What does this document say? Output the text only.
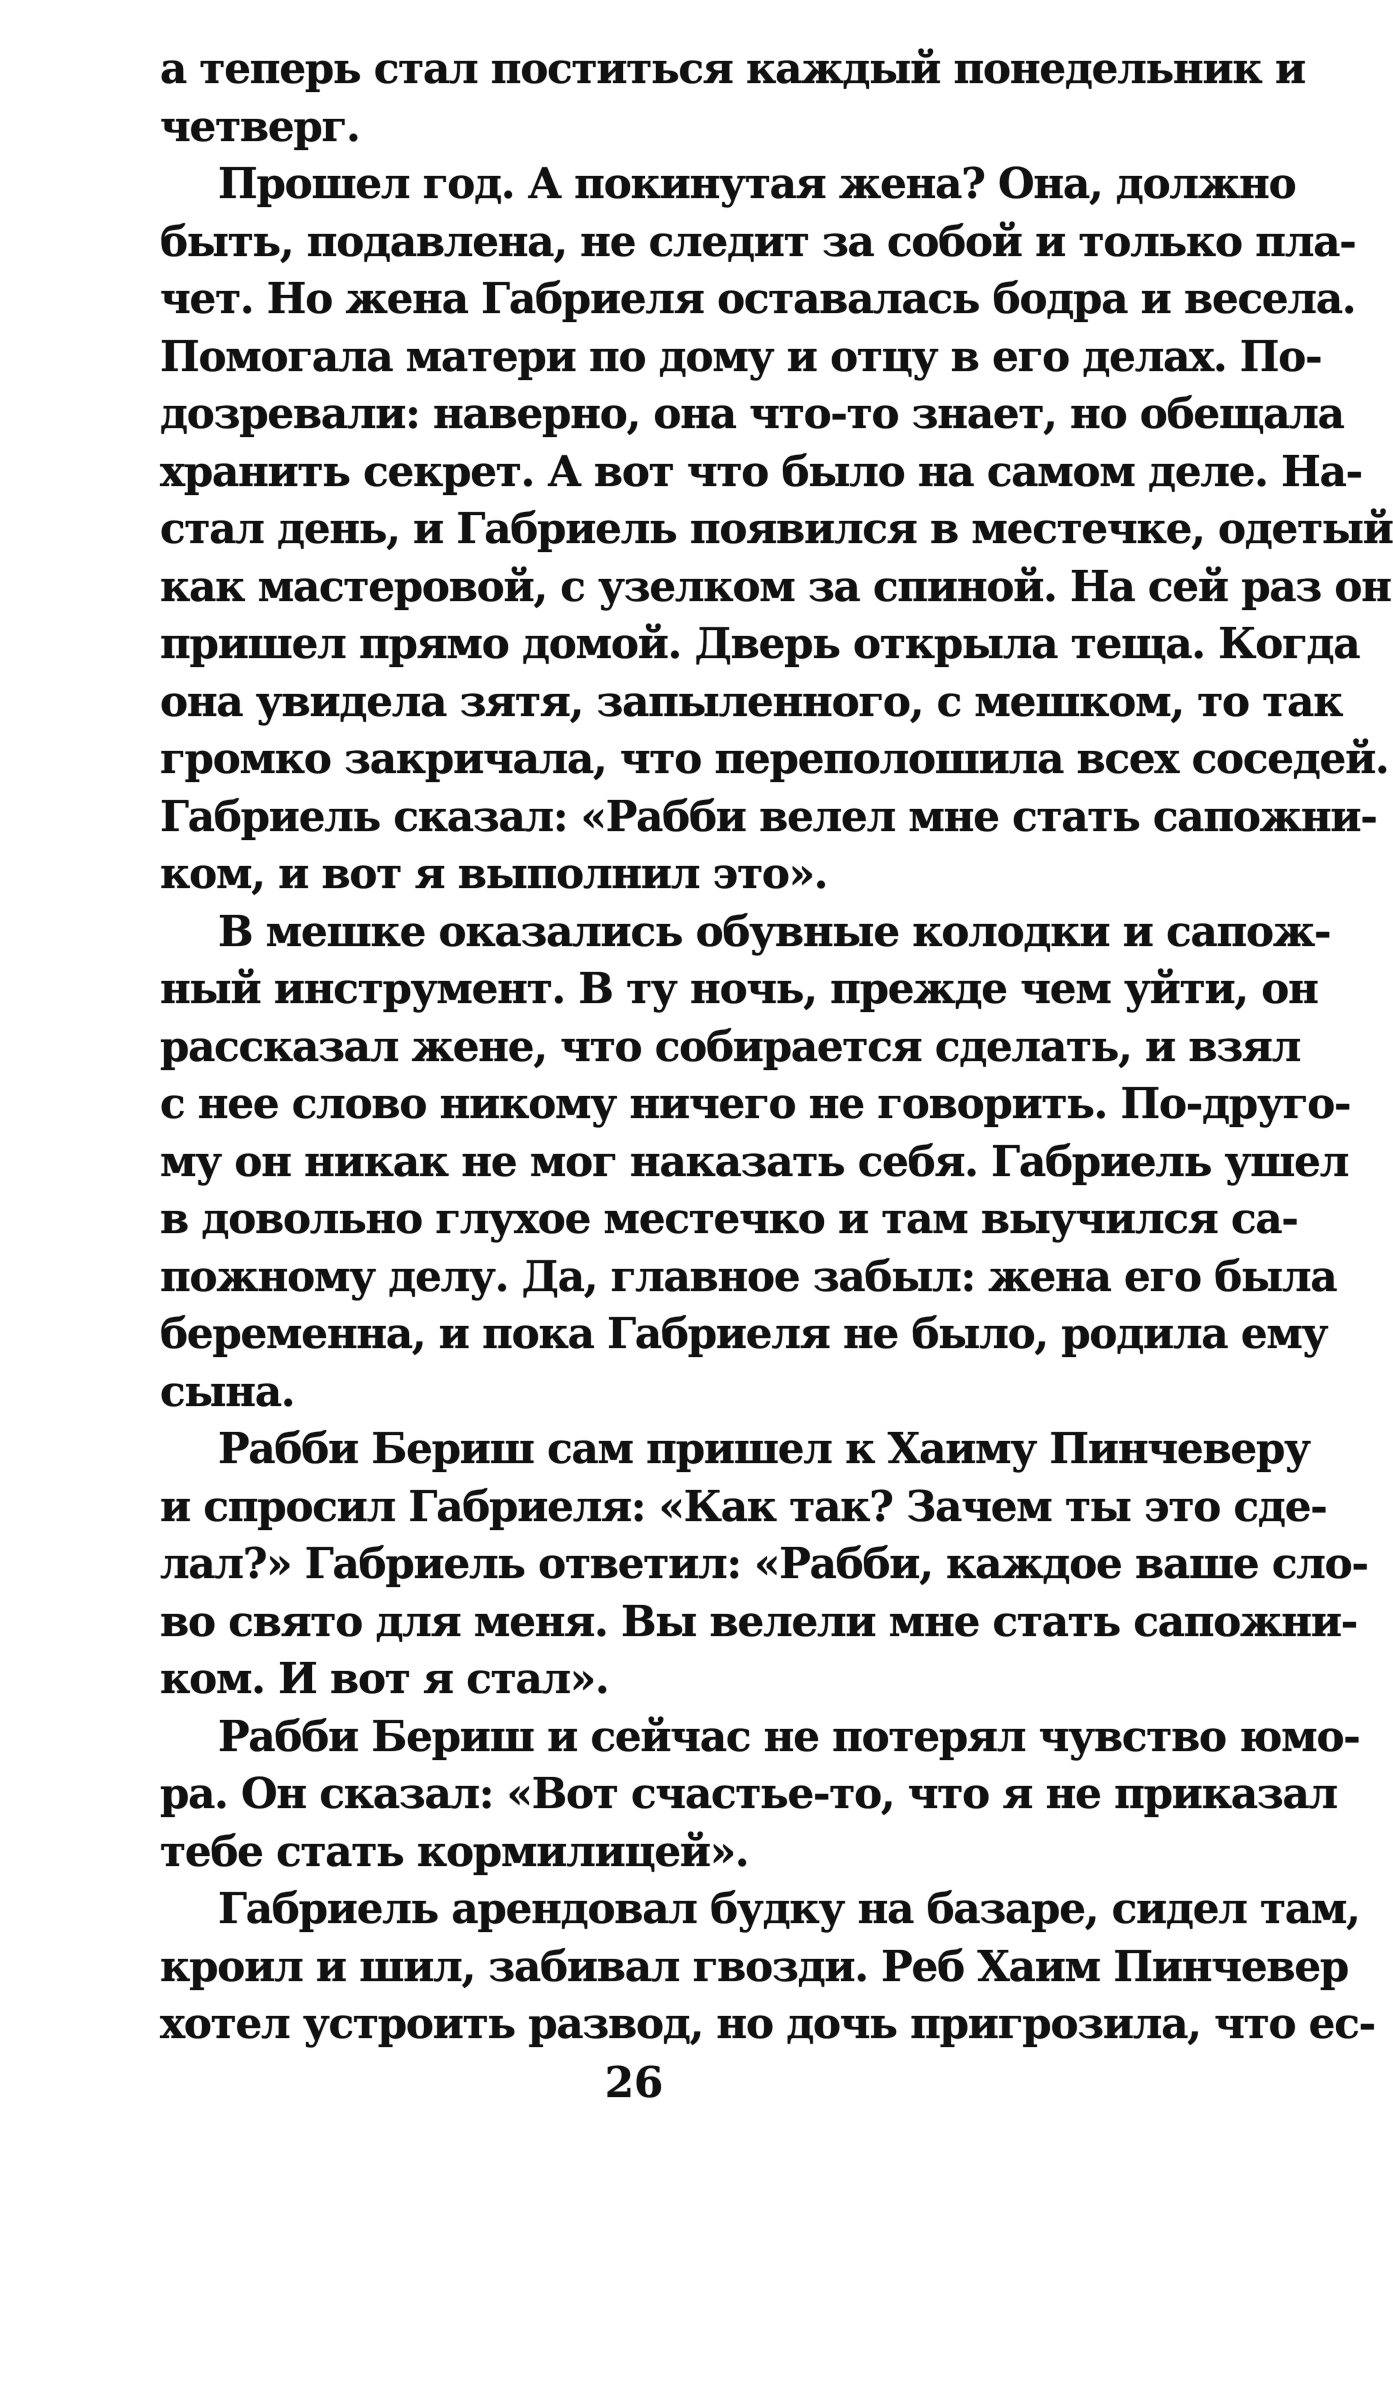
а теперь стал поститься каждый понедельник и
четверг.
Прошел год. А покинутая жена? Она, должно
быть, подавлена, не следит за собой и только пла-
чет. Но жена Габриеля оставалась бодра и весела.
Помогала матери по дому и отцу в его делах. По-
дозревали: наверно, она что-то знает, но обещала
хранить секрет. А вот что было на самом деле. На-
стал день, и Габриель появился в местечке, одетый
как мастеровой, с узелком за спиной. На сей раз он
пришел прямо домой. Дверь открыла теща. Когда
она увидела зятя, запыленного, с мешком, то так
громко закричала, что переполошила всех соседей.
Габриель сказал: «Рабби велел мне стать сапожни-
ком, и вот я выполнил это».
В мешке оказались обувные колодки и сапож-
ный инструмент. В ту ночь, прежде чем уйти, он
рассказал жене, что собирается сделать, и взял
с нее слово никому ничего не говорить. По-друго-
му он никак не мог наказать себя. Габриель ушел
в довольно глухое местечко и там выучился са-
пожному делу. Да, главное забыл: жена его была
беременна, и пока Габриеля не было, родила ему
сына.
Рабби Бериш сам пришел к Хаиму Пинчеверу
и спросил Габриеля: «Как так? Зачем ты это сде-
лал?» Габриель ответил: «Рабби, каждое ваше сло-
во свято для меня. Вы велели мне стать сапожни-
ком. И вот я стал».
Рабби Бериш и сейчас не потерял чувство юмо-
ра. Он сказал: «Вот счастье-то, что я не приказал
тебе стать кормилицей».
Габриель арендовал будку на базаре, сидел там,
кроил и шил, забивал гвозди. Реб Хаим Пинчевер
хотел устроить развод, но дочь пригрозила, что ес-
26
